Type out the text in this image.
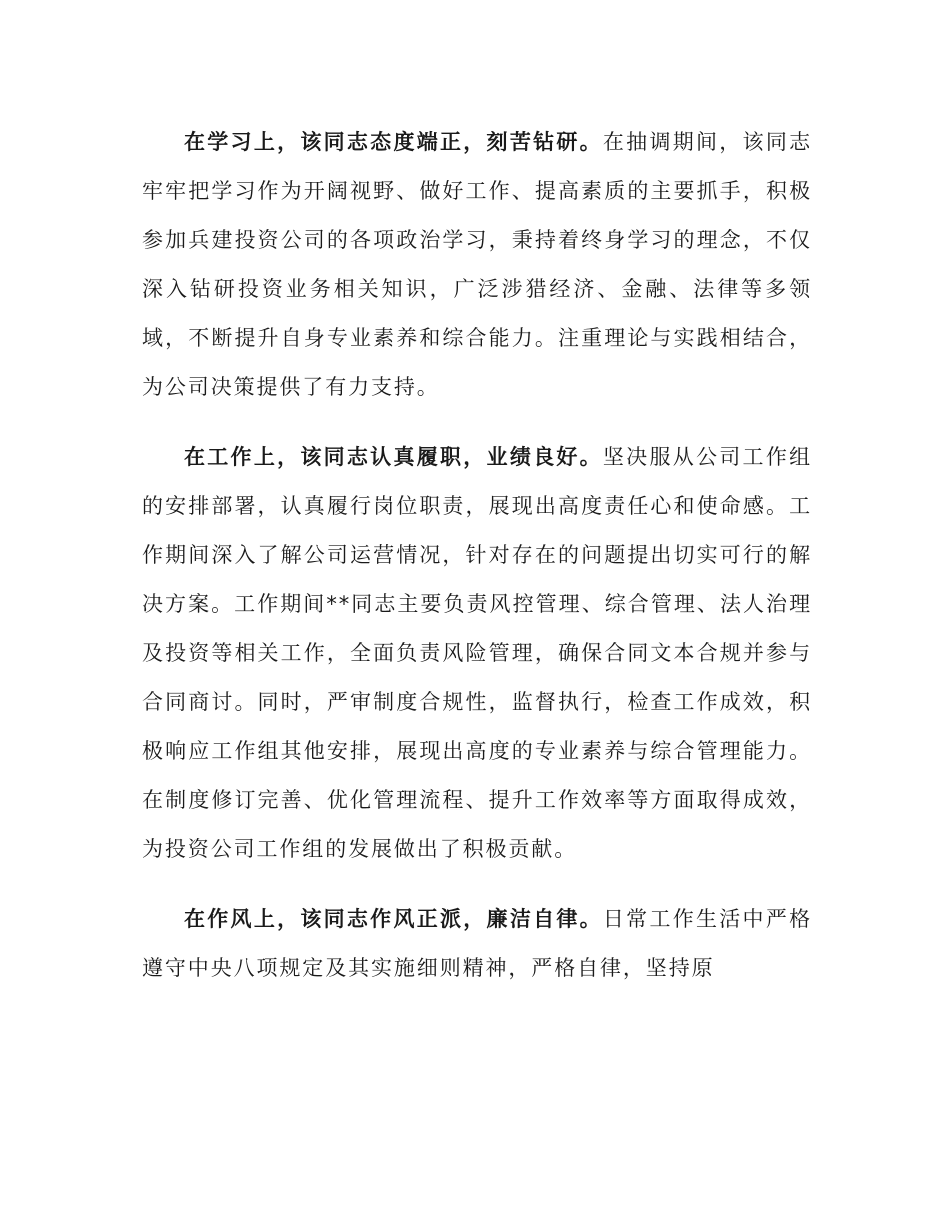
在学习上，该同志态度端正，刻苦钻研。在抽调期间，该同志牢牢把学习作为开阔视野、做好工作、提高素质的主要抓手，积极参加兵建投资公司的各项政治学习，秉持着终身学习的理念，不仅深入钻研投资业务相关知识，广泛涉猎经济、金融、法律等多领域，不断提升自身专业素养和综合能力。注重理论与实践相结合，为公司决策提供了有力支持。

在工作上，该同志认真履职，业绩良好。坚决服从公司工作组的安排部署，认真履行岗位职责，展现出高度责任心和使命感。工作期间深入了解公司运营情况，针对存在的问题提出切实可行的解决方案。工作期间**同志主要负责风控管理、综合管理、法人治理及投资等相关工作，全面负责风险管理，确保合同文本合规并参与合同商讨。同时，严审制度合规性，监督执行，检查工作成效，积极响应工作组其他安排，展现出高度的专业素养与综合管理能力。在制度修订完善、优化管理流程、提升工作效率等方面取得成效，为投资公司工作组的发展做出了积极贡献。

在作风上，该同志作风正派，廉洁自律。日常工作生活中严格遵守中央八项规定及其实施细则精神，严格自律，坚持原
